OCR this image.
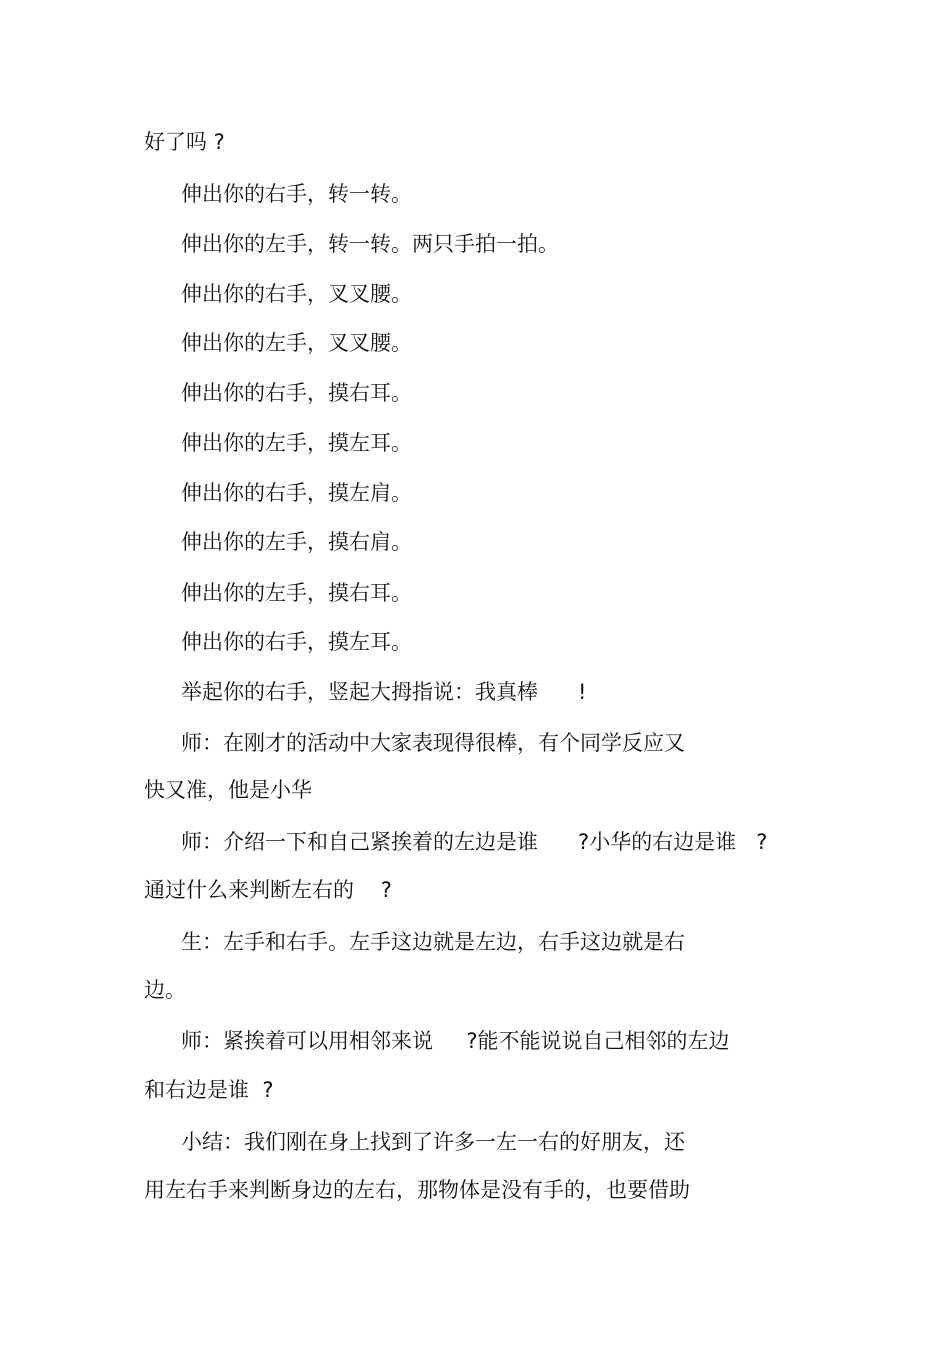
好了吗 ?
伸出你的右手，转一转。
伸出你的左手，转一转。两只手拍一拍。
伸出你的右手，叉叉腰。
伸出你的左手，叉叉腰。
伸出你的右手，摸右耳。
伸出你的左手，摸左耳。
伸出你的右手，摸左肩。
伸出你的左手，摸右肩。
伸出你的左手，摸右耳。
伸出你的右手，摸左耳。
举起你的右手，竖起大拇指说：我真棒      !
师：在刚才的活动中大家表现得很棒，有个同学反应又
快又准，他是小华
师：介绍一下和自己紧挨着的左边是谁      ?小华的右边是谁   ?
通过什么来判断左右的    ?
生：左手和右手。左手这边就是左边，右手这边就是右
边。
师：紧挨着可以用相邻来说     ?能不能说说自己相邻的左边
和右边是谁  ?
小结：我们刚在身上找到了许多一左一右的好朋友，还
用左右手来判断身边的左右，那物体是没有手的，也要借助
